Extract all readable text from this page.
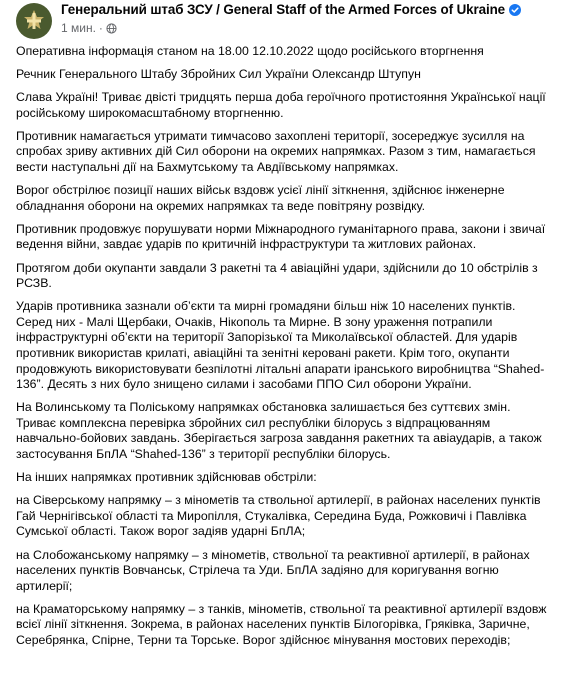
Генеральний штаб ЗСУ / General Staff of the Armed Forces of Ukraine
1 мин. ·

Оперативна інформація станом на 18.00 12.10.2022 щодо російського вторгнення

Речник Генерального Штабу Збройних Сил України Олександр Штупун

Слава Україні! Триває двісті тридцять перша доба героїчного протистояння Української нації російському широкомасштабному вторгненню.

Противник намагається утримати тимчасово захоплені території, зосереджує зусилля на спробах зриву активних дій Сил оборони на окремих напрямках. Разом з тим, намагається вести наступальні дії на Бахмутському та Авдіївському напрямках.

Ворог обстрілює позиції наших військ вздовж усієї лінії зіткнення, здійснює інженерне обладнання оборони на окремих напрямках та веде повітряну розвідку.

Противник продовжує порушувати норми Міжнародного гуманітарного права, закони і звичаї ведення війни, завдає ударів по критичній інфраструктури та житлових районах.

Протягом доби окупанти завдали 3 ракетні та 4 авіаційні удари, здійснили до 10 обстрілів з РСЗВ.

Ударів противника зазнали об’єкти та мирні громадяни більш ніж 10 населених пунктів. Серед них - Малі Щербаки, Очаків, Нікополь та Мирне. В зону ураження потрапили інфраструктурні об’єкти на території Запорізької та Миколаївської областей. Для ударів противник використав крилаті, авіаційні та зенітні керовані ракети. Крім того, окупанти продовжують використовувати безпілотні літальні апарати іранського виробництва “Shahed-136”. Десять з них було знищено силами і засобами ППО Сил оборони України.

На Волинському та Поліському напрямках обстановка залишається без суттєвих змін. Триває комплексна перевірка збройних сил республіки білорусь з відпрацюванням навчально-бойових завдань. Зберігається загроза завдання ракетних та авіаударів, а також застосування БпЛА “Shahed-136” з території республіки білорусь.

На інших напрямках противник здійснював обстріли:

на Сіверському напрямку – з мінометів та ствольної артилерії, в районах населених пунктів Гай Чернігівської області та Миропілля, Стукалівка, Середина Буда, Рожковичі і Павлівка Сумської області. Також ворог задіяв ударні БпЛА;

на Слобожанському напрямку – з мінометів, ствольної та реактивної артилерії, в районах населених пунктів Вовчанськ, Стрілеча та Уди. БпЛА задіяно для коригування вогню артилерії;

на Краматорському напрямку – з танків, мінометів, ствольної та реактивної артилерії вздовж всієї лінії зіткнення. Зокрема, в районах населених пунктів Білогорівка, Гряківка, Заричне, Серебрянка, Спірне, Терни та Торське. Ворог здійснює мінування мостових переходів;
